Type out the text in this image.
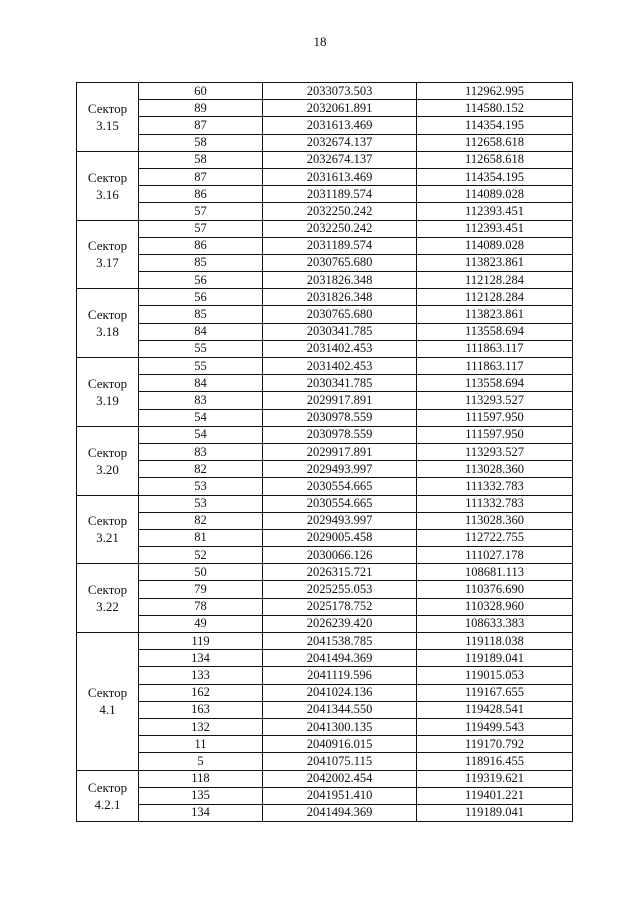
18
Сектор
3.15	60	2033073.503	112962.995
	89	2032061.891	114580.152
	87	2031613.469	114354.195
	58	2032674.137	112658.618
Сектор
3.16	58	2032674.137	112658.618
	87	2031613.469	114354.195
	86	2031189.574	114089.028
	57	2032250.242	112393.451
Сектор
3.17	57	2032250.242	112393.451
	86	2031189.574	114089.028
	85	2030765.680	113823.861
	56	2031826.348	112128.284
Сектор
3.18	56	2031826.348	112128.284
	85	2030765.680	113823.861
	84	2030341.785	113558.694
	55	2031402.453	111863.117
Сектор
3.19	55	2031402.453	111863.117
	84	2030341.785	113558.694
	83	2029917.891	113293.527
	54	2030978.559	111597.950
Сектор
3.20	54	2030978.559	111597.950
	83	2029917.891	113293.527
	82	2029493.997	113028.360
	53	2030554.665	111332.783
Сектор
3.21	53	2030554.665	111332.783
	82	2029493.997	113028.360
	81	2029005.458	112722.755
	52	2030066.126	111027.178
Сектор
3.22	50	2026315.721	108681.113
	79	2025255.053	110376.690
	78	2025178.752	110328.960
	49	2026239.420	108633.383
Сектор
4.1	119	2041538.785	119118.038
	134	2041494.369	119189.041
	133	2041119.596	119015.053
	162	2041024.136	119167.655
	163	2041344.550	119428.541
	132	2041300.135	119499.543
	11	2040916.015	119170.792
	5	2041075.115	118916.455
Сектор
4.2.1	118	2042002.454	119319.621
	135	2041951.410	119401.221
	134	2041494.369	119189.041
